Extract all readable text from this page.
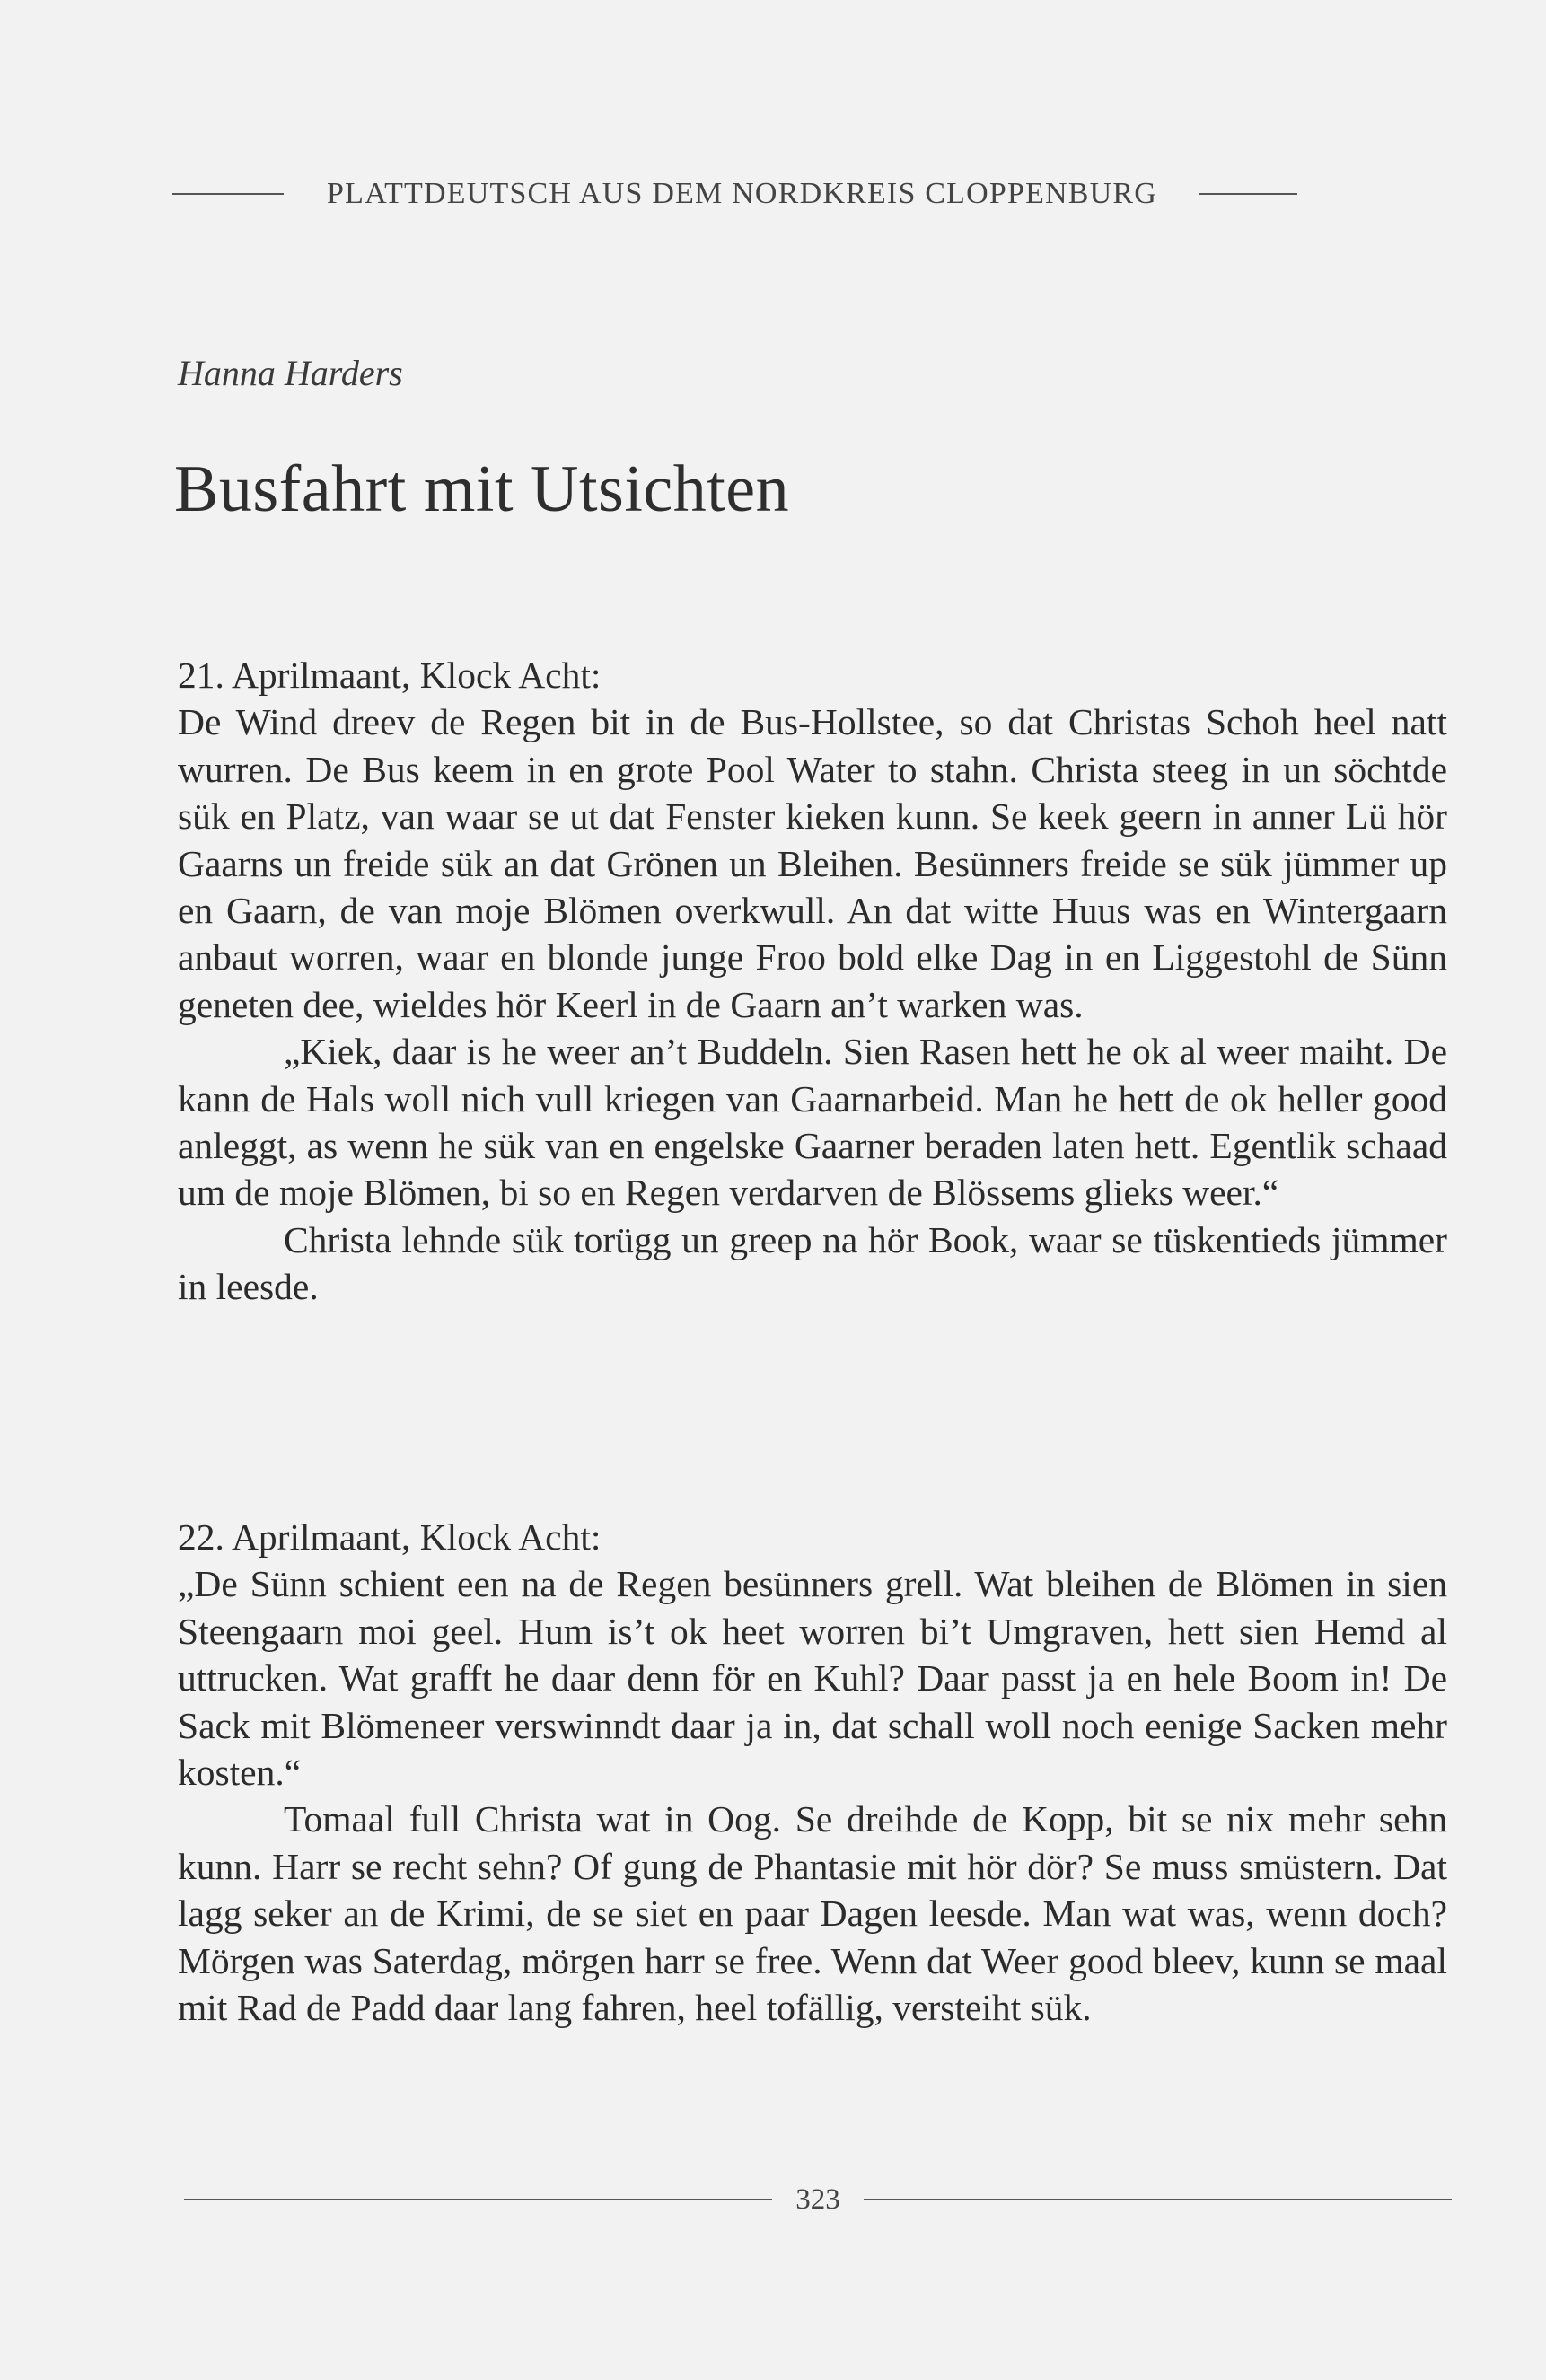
PLATTDEUTSCH AUS DEM NORDKREIS CLOPPENBURG
Hanna Harders
Busfahrt mit Utsichten

21. Aprilmaant, Klock Acht:

De Wind dreev de Regen bit in de Bus-Hollstee, so dat Christas Schoh heel natt wurren. De Bus keem in en grote Pool Water to stahn. Christa steeg in un söchtde sük en Platz, van waar se ut dat Fenster kieken kunn. Se keek geern in anner Lü hör Gaarns un freide sük an dat Grönen un Bleihen. Besünners freide se sük jümmer up en Gaarn, de van moje Blömen overkwull. An dat witte Huus was en Wintergaarn anbaut worren, waar en blonde junge Froo bold elke Dag in en Liggestohl de Sünn geneten dee, wieldes hör Keerl in de Gaarn an’t warken was.

„Kiek, daar is he weer an’t Buddeln. Sien Rasen hett he ok al weer maiht. De kann de Hals woll nich vull kriegen van Gaarnarbeid. Man he hett de ok heller good anleggt, as wenn he sük van en engelske Gaarner beraden laten hett. Egentlik schaad um de moje Blömen, bi so en Regen verdarven de Blössems glieks weer.“

Christa lehnde sük torügg un greep na hör Book, waar se tüskentieds jümmer in leesde.

22. Aprilmaant, Klock Acht:

„De Sünn schient een na de Regen besünners grell. Wat bleihen de Blömen in sien Steengaarn moi geel. Hum is’t ok heet worren bi’t Umgraven, hett sien Hemd al uttrucken. Wat grafft he daar denn för en Kuhl? Daar passt ja en hele Boom in! De Sack mit Blömeneer verswinndt daar ja in, dat schall woll noch eenige Sacken mehr kosten.“

Tomaal full Christa wat in Oog. Se dreihde de Kopp, bit se nix mehr sehn kunn. Harr se recht sehn? Of gung de Phantasie mit hör dör? Se muss smüstern. Dat lagg seker an de Krimi, de se siet en paar Dagen leesde. Man wat was, wenn doch? Mörgen was Saterdag, mörgen harr se free. Wenn dat Weer good bleev, kunn se maal mit Rad de Padd daar lang fahren, heel tofällig, versteiht sük.

323
